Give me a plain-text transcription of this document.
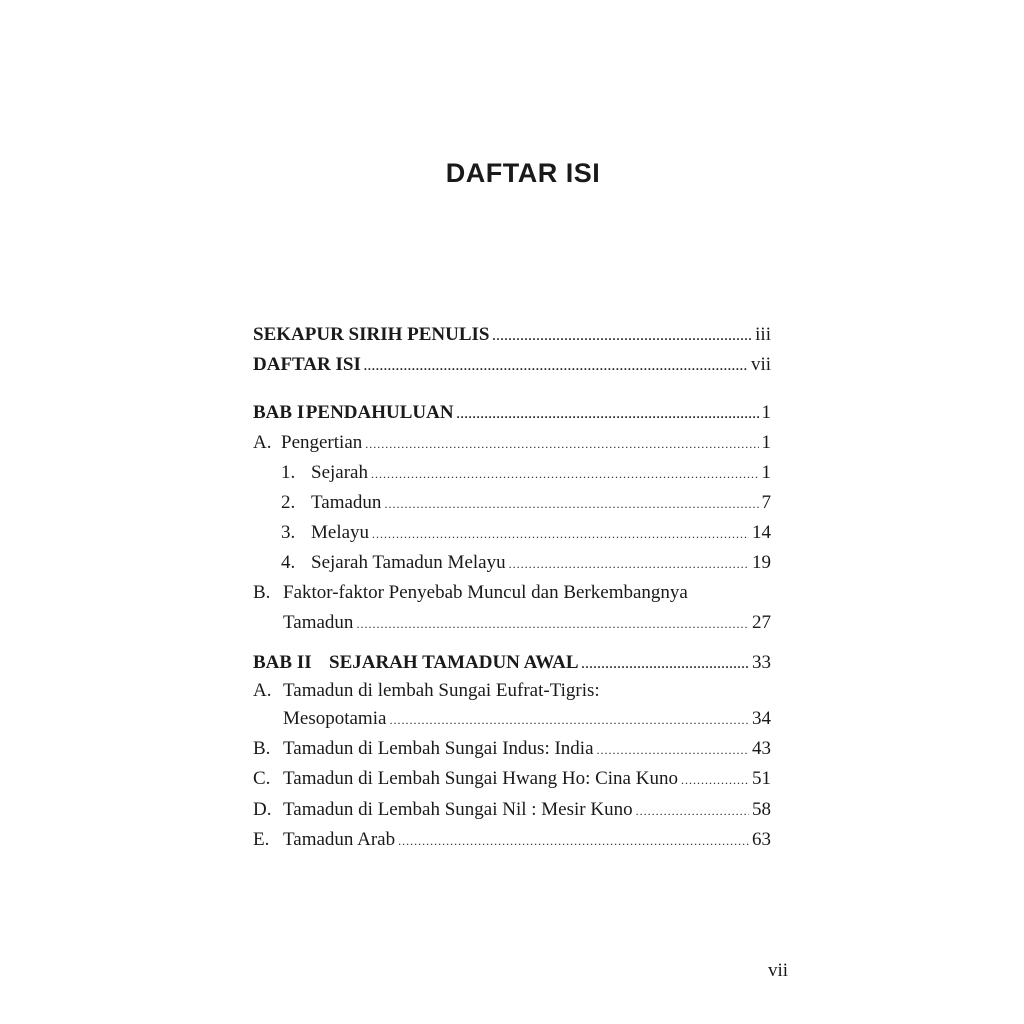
DAFTAR ISI
SEKAPUR SIRIH PENULIS .....	iii
DAFTAR ISI .....	vii
BAB I PENDAHULUAN .....	1
A. Pengertian .....	1
1. Sejarah .....	1
2. Tamadun .....	7
3. Melayu .....	14
4. Sejarah Tamadun Melayu .....	19
B. Faktor-faktor Penyebab Muncul dan Berkembangnya
Tamadun .....	27
BAB II SEJARAH TAMADUN AWAL .....	33
A. Tamadun di lembah Sungai Eufrat-Tigris:
Mesopotamia .....	34
B. Tamadun di Lembah Sungai Indus: India .....	43
C. Tamadun di Lembah Sungai Hwang Ho: Cina Kuno .....	51
D. Tamadun di Lembah Sungai Nil : Mesir Kuno .....	58
E. Tamadun Arab .....	63
vii
